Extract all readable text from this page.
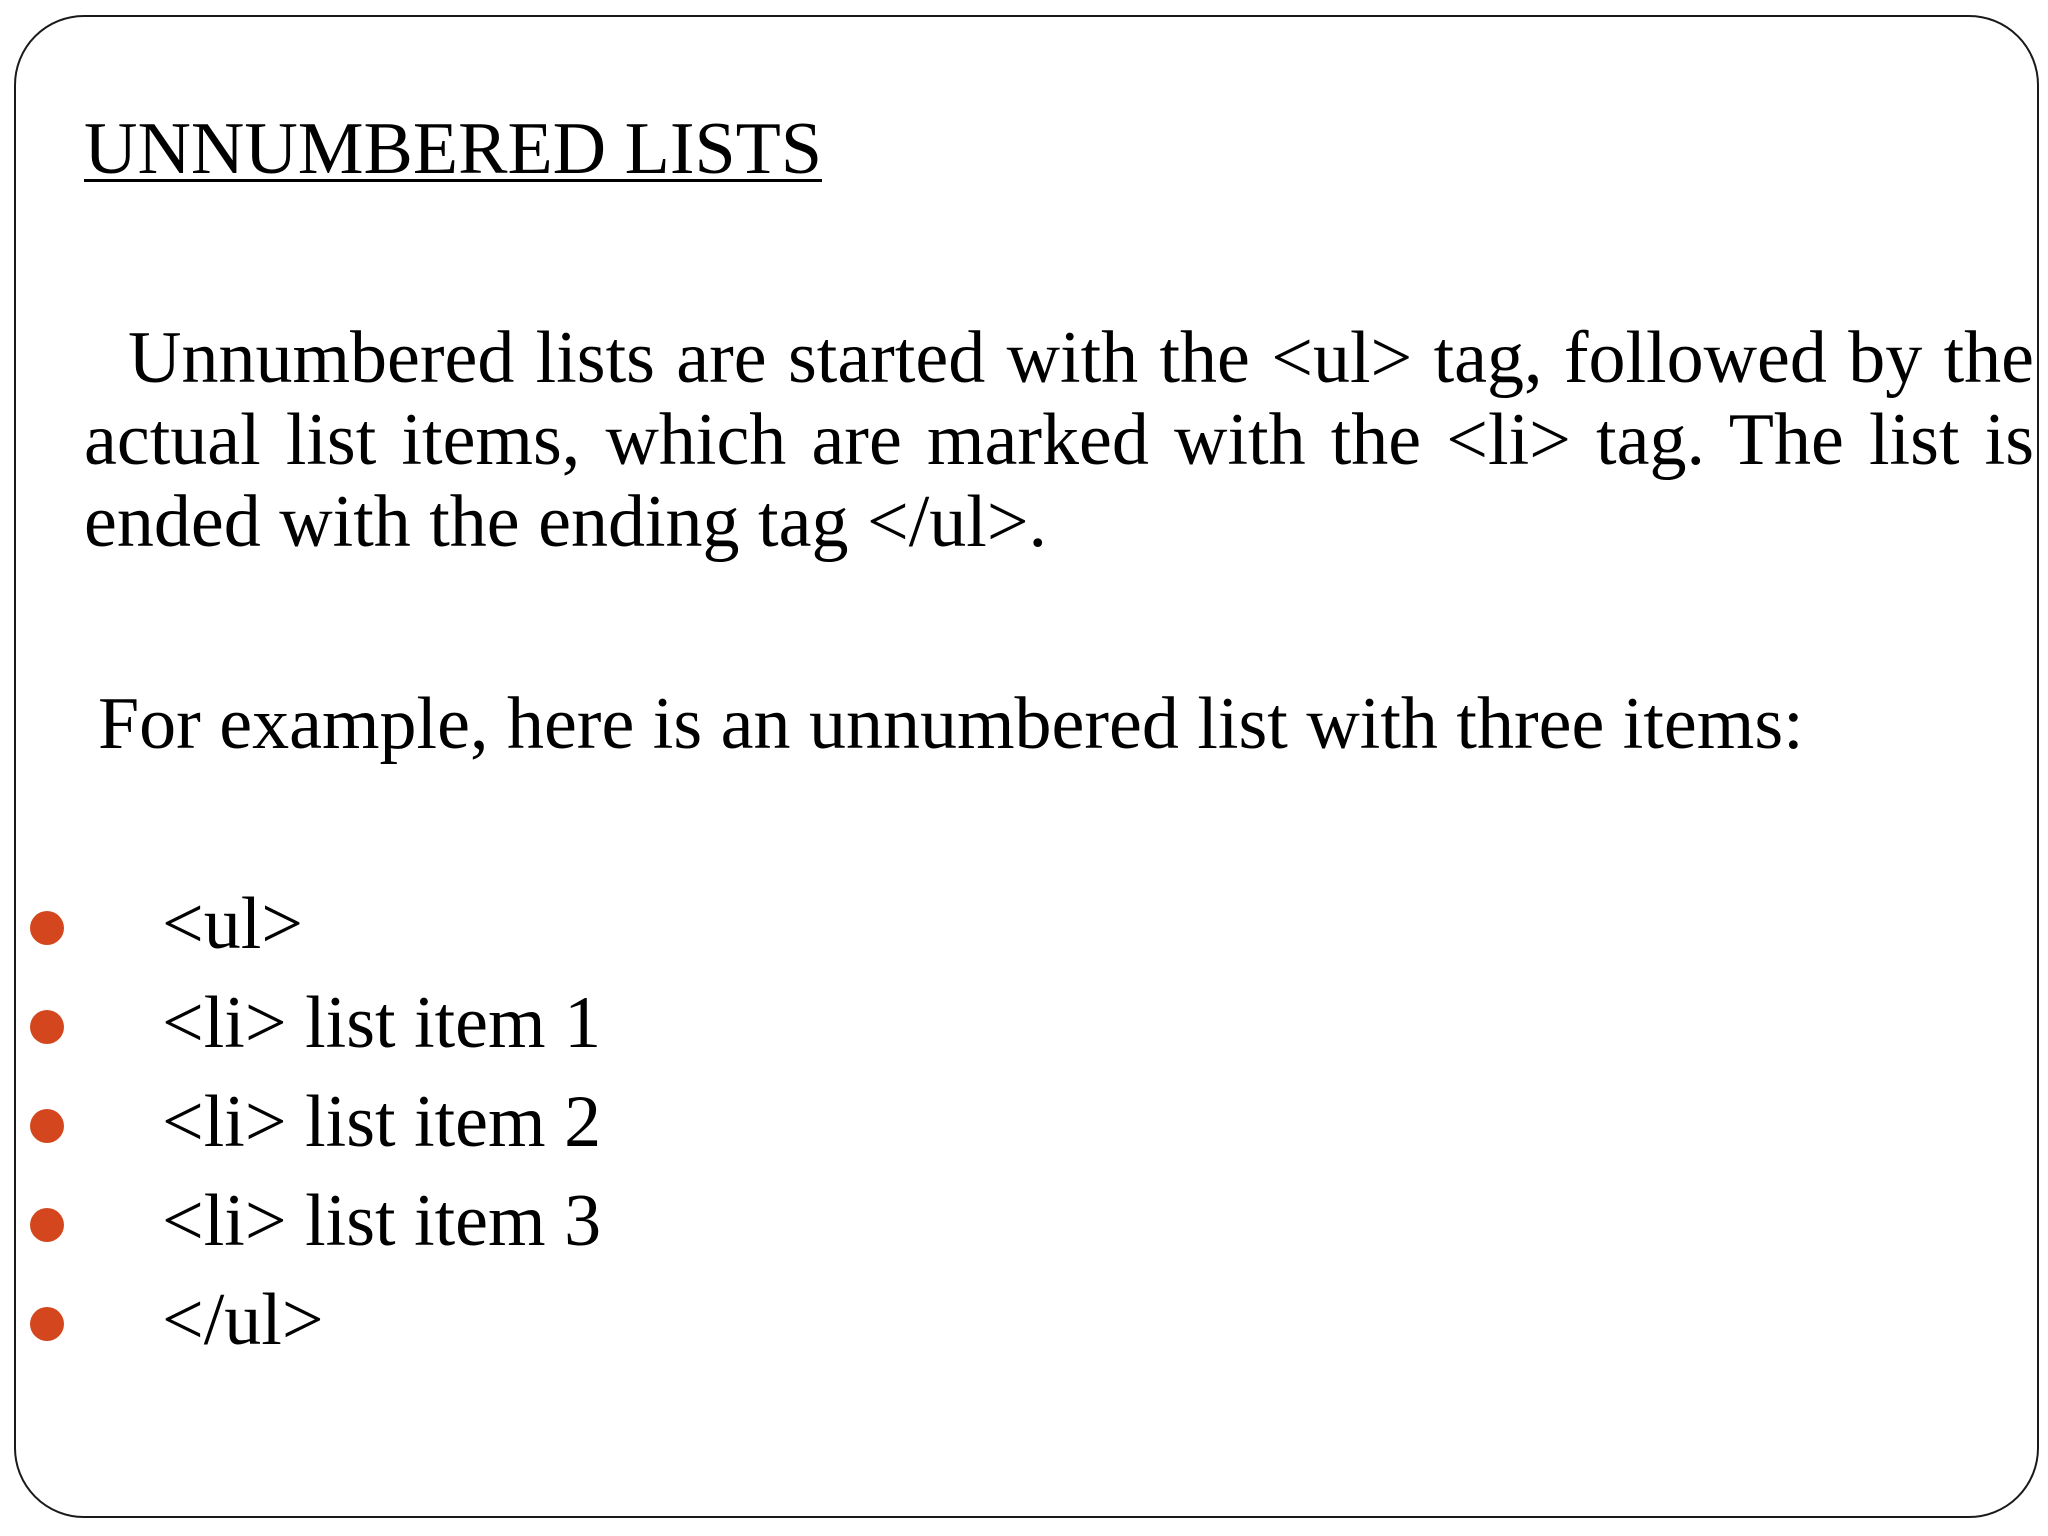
UNNUMBERED LISTS

Unnumbered lists are started with the <ul> tag, followed by the actual list items, which are marked with the <li> tag. The list is ended with the ending tag </ul>.

For example, here is an unnumbered list with three items:

<ul>
<li> list item 1
<li> list item 2
<li> list item 3
</ul>
